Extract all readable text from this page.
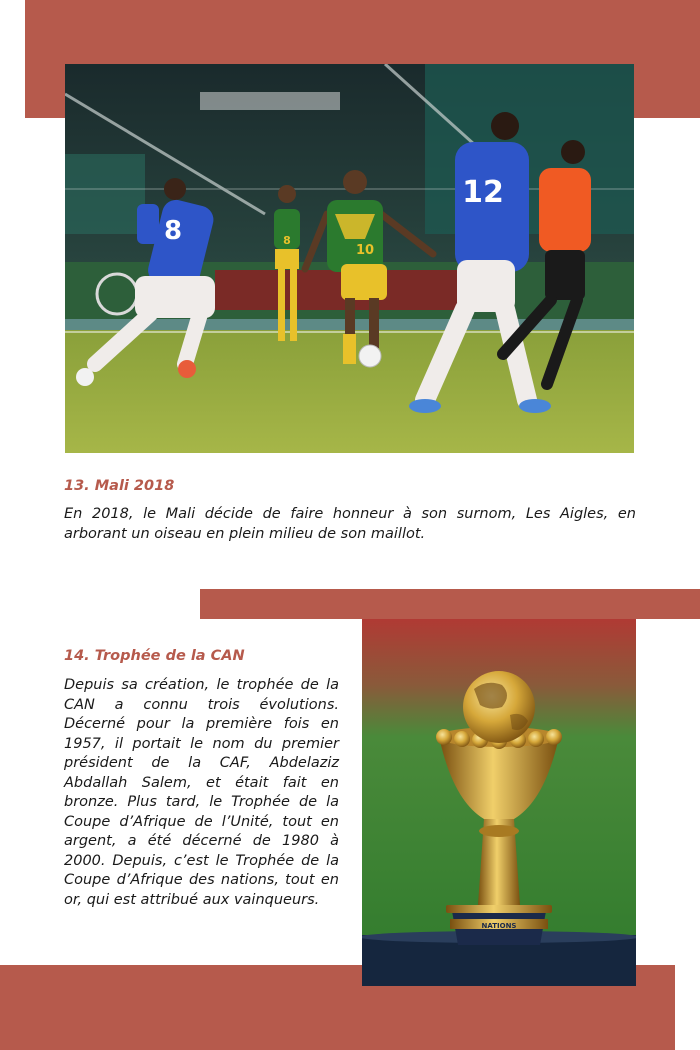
8
10
8
12
13. Mali 2018

En 2018, le Mali décide de faire honneur à son surnom, Les Aigles, en arborant un oiseau en plein milieu de son maillot.

14. Trophée de la CAN

Depuis sa création, le trophée de la CAN a connu trois évolutions. Décerné pour la première fois en 1957, il portait le nom du premier président de la CAF, Abdelaziz Abdallah Salem, et était fait en bronze. Plus tard, le Trophée de la Coupe d’Afrique de l’Unité, tout en argent, a été décerné de 1980 à 2000. Depuis, c’est le Trophée de la Coupe d’Afrique des nations, tout en or, qui est attribué aux vainqueurs.

NATIONS
